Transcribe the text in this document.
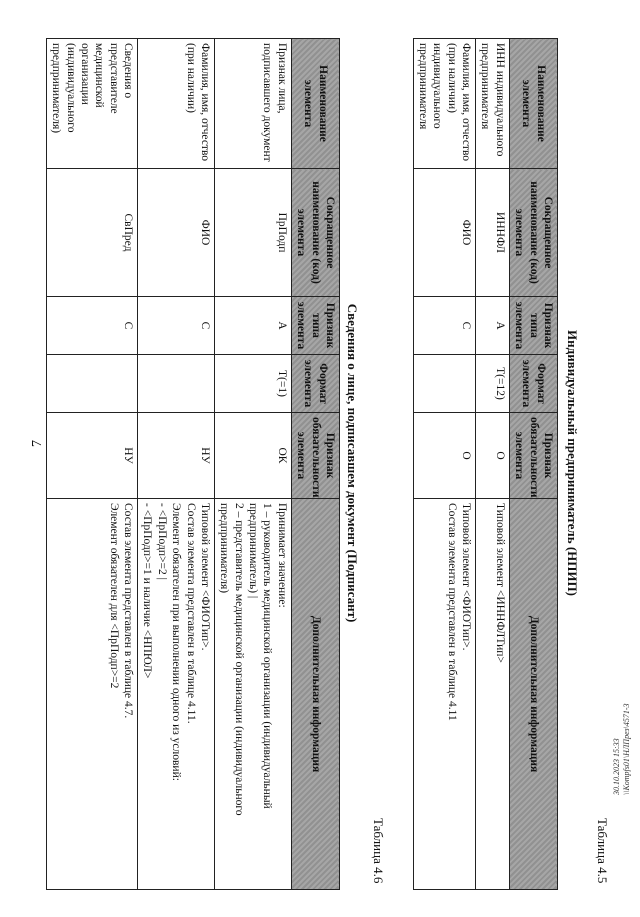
7
Таблица 4.5
Индивидуальный предприниматель (НПИП)
Наименование элемента	Сокращенное наименование (код) элемента	Признак типа элемента	Формат элемента	Признак обязательности элемента	Дополнительная информация
ИНН индивидуального предпринимателя	ИННФЛ	А	T(=12)	О	Типовой элемент <ИННФЛТип>
Фамилия, имя, отчество (при наличии) индивидуального предпринимателя	ФИО	С		О	Типовой элемент <ФИОТип>.
Состав элемента представлен в таблице 4.11
Таблица 4.6
Сведения о лице, подписавшем документ (Подписант)
Наименование элемента	Сокращенное наименование (код) элемента	Признак типа элемента	Формат элемента	Признак обязательности элемента	Дополнительная информация
Признак лица, подписавшего документ	ПрПодп	А	T(=1)	ОК	Принимает значение:
1 – руководитель медицинской организации (индивидуальный предприниматель) |
2 – представитель медицинской организации (индивидуального предпринимателя)
Фамилия, имя, отчество (при наличии)	ФИО	С		НУ	Типовой элемент <ФИОТип>.
Состав элемента представлен в таблице 4.11.
Элемент обязателен при выполнении одного из условий:
- <ПрПодп>=2 |
- <ПрПодп>=1 и наличие <НПЮЛ>
Сведения о представителе медицинской организации (индивидуального предпринимателя)	СвПред	С		НУ	Состав элемента представлен в таблице 4.7.
Элемент обязателен для <ПрПодп>=2
30.10.2023 15:33 \\Kompfs01\НЛПрез\4571-3
